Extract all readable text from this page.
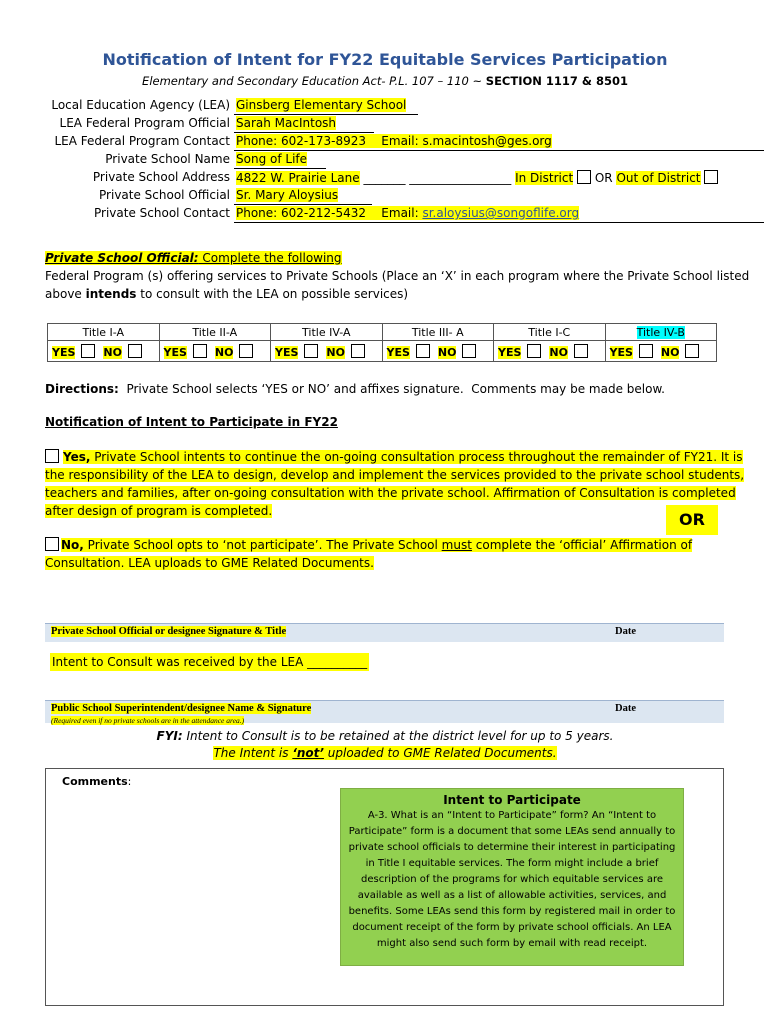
Notification of Intent for FY22 Equitable Services Participation
Elementary and Secondary Education Act- P.L. 107 – 110 ~ SECTION 1117 & 8501
Local Education Agency (LEA) Ginsberg Elementary School
LEA Federal Program Official Sarah MacIntosh
LEA Federal Program Contact Phone: 602-173-8923    Email: s.macintosh@ges.org
Private School Name Song of Life
Private School Address 4822 W. Prairie Lane _______ _________________ In District OR Out of District
Private School Official Sr. Mary Aloysius
Private School Contact Phone: 602-212-5432    Email: sr.aloysius@songoflife.org
Private School Official: Complete the following
Federal Program (s) offering services to Private Schools (Place an ‘X’ in each program where the Private School listed
above intends to consult with the LEA on possible services)
Title I-A	Title II-A	Title IV-A	Title III- A	Title I-C	Title IV-B
YES NO	YES NO	YES NO	YES NO	YES NO	YES NO
Directions:  Private School selects ‘YES or NO’ and affixes signature.  Comments may be made below.
Notification of Intent to Participate in FY22
Yes, Private School intents to continue the on-going consultation process throughout the remainder of FY21. It is
the responsibility of the LEA to design, develop and implement the services provided to the private school students,
teachers and families, after on-going consultation with the private school. Affirmation of Consultation is completed
after design of program is completed.	OR
No, Private School opts to ‘not participate’. The Private School must complete the ‘official’ Affirmation of
Consultation. LEA uploads to GME Related Documents.
Private School Official or designee Signature & Title	Date
Intent to Consult was received by the LEA __________
Public School Superintendent/designee Name & Signature	Date
(Required even if no private schools are in the attendance area.)
FYI: Intent to Consult is to be retained at the district level for up to 5 years.
The Intent is ‘not’ uploaded to GME Related Documents.
Comments:
Intent to Participate
A-3. What is an “Intent to Participate” form? An “Intent to
Participate” form is a document that some LEAs send annually to
private school officials to determine their interest in participating
in Title I equitable services. The form might include a brief
description of the programs for which equitable services are
available as well as a list of allowable activities, services, and
benefits. Some LEAs send this form by registered mail in order to
document receipt of the form by private school officials. An LEA
might also send such form by email with read receipt.
